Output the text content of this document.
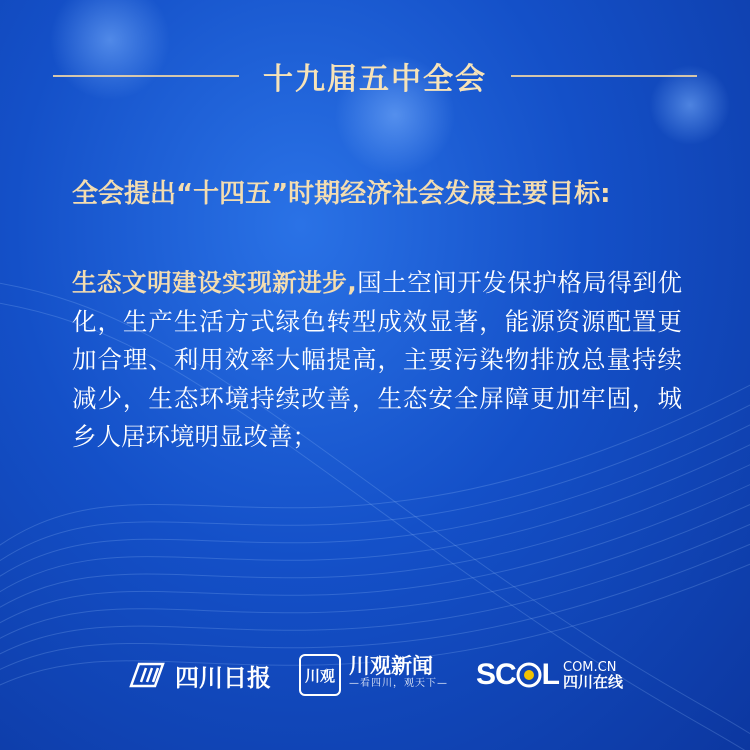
十九届五中全会
全会提出“十四五”时期经济社会发展主要目标:
生态文明建设实现新进步,国土空间开发保护格局得到优化，生产生活方式绿色转型成效显著，能源资源配置更加合理、利用效率大幅提高，主要污染物排放总量持续减少，生态环境持续改善，生态安全屏障更加牢固，城乡人居环境明显改善；
四川日报	川观 川观新闻
—看四川，观天下— SC L COM.CN
四川在线
